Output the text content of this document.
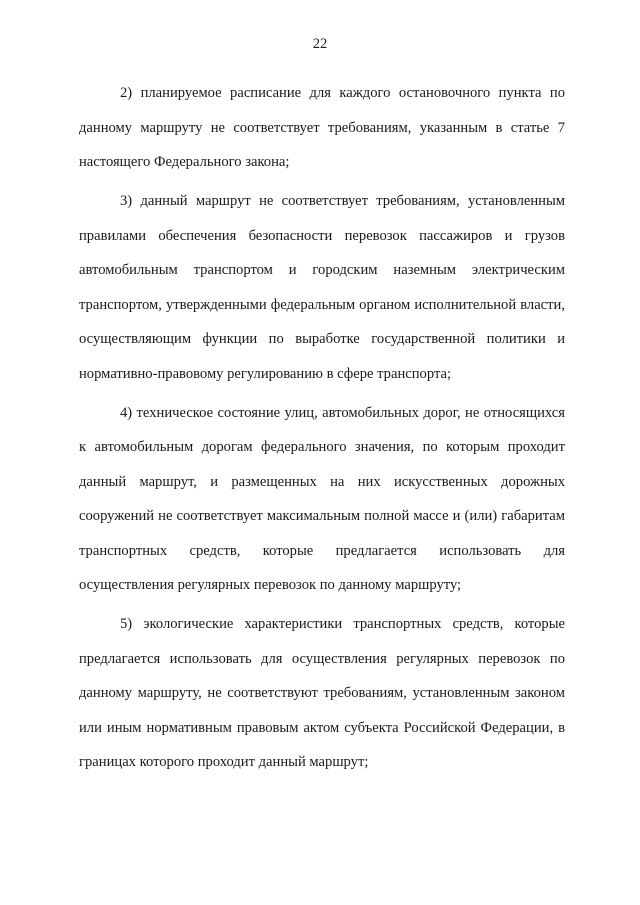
22

2) планируемое расписание для каждого остановочного пункта по данному маршруту не соответствует требованиям, указанным в статье 7 настоящего Федерального закона;

3) данный маршрут не соответствует требованиям, установленным правилами обеспечения безопасности перевозок пассажиров и грузов автомобильным транспортом и городским наземным электрическим транспортом, утвержденными федеральным органом исполнительной власти, осуществляющим функции по выработке государственной политики и нормативно-правовому регулированию в сфере транспорта;

4) техническое состояние улиц, автомобильных дорог, не относящихся к автомобильным дорогам федерального значения, по которым проходит данный маршрут, и размещенных на них искусственных дорожных сооружений не соответствует максимальным полной массе и (или) габаритам транспортных средств, которые предлагается использовать для осуществления регулярных перевозок по данному маршруту;

5) экологические характеристики транспортных средств, которые предлагается использовать для осуществления регулярных перевозок по данному маршруту, не соответствуют требованиям, установленным законом или иным нормативным правовым актом субъекта Российской Федерации, в границах которого проходит данный маршрут;
